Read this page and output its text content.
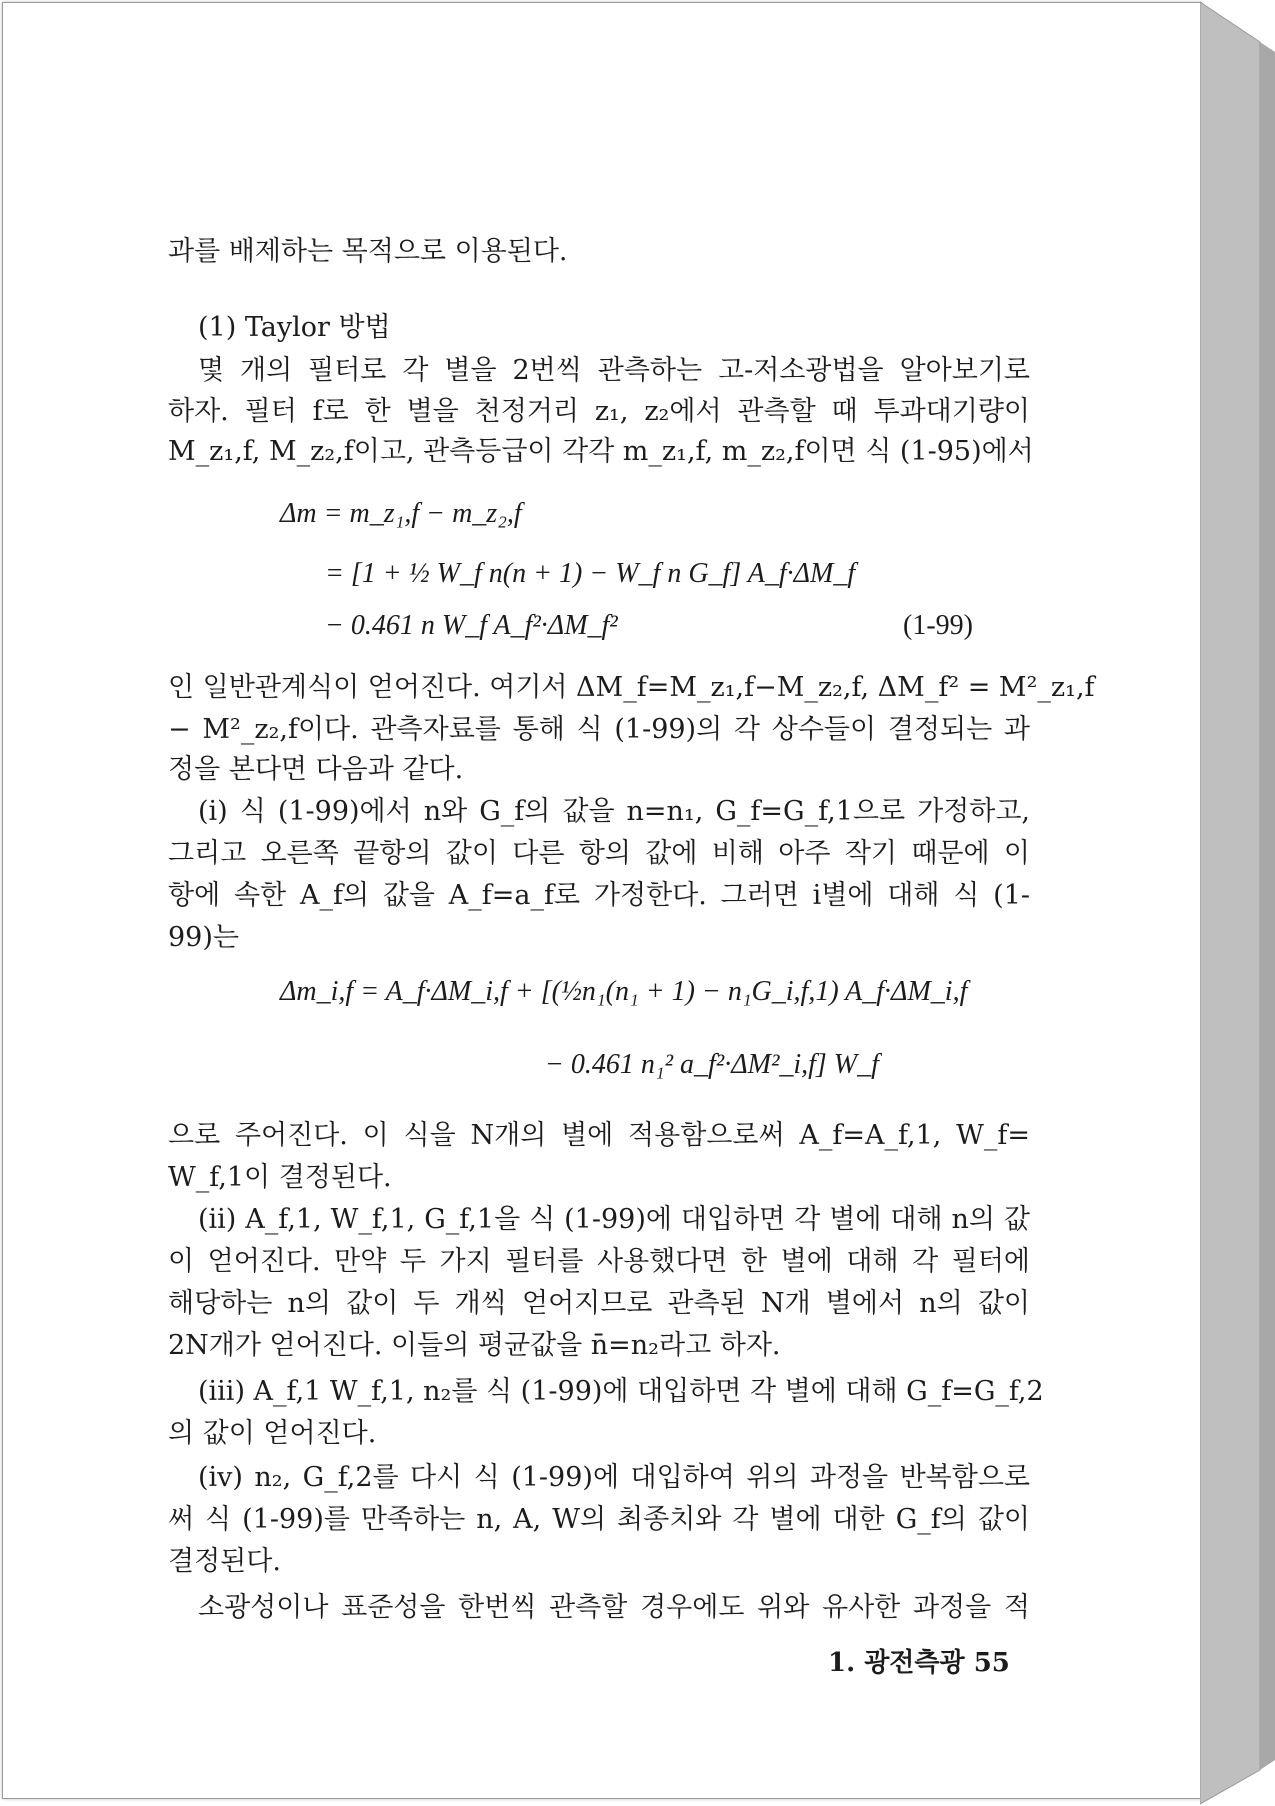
과를 배제하는 목적으로 이용된다.
(1) Taylor 방법
몇 개의 필터로 각 별을 2번씩 관측하는 고-저소광법을 알아보기로
하자. 필터 f로 한 별을 천정거리 z₁, z₂에서 관측할 때 투과대기량이
M_z₁,f, M_z₂,f이고, 관측등급이 각각 m_z₁,f, m_z₂,f이면 식 (1-95)에서
Δm = m_z₁,f − m_z₂,f
= [1 + ½ W_f n(n + 1) − W_f n G_f] A_f·ΔM_f
− 0.461 n W_f A_f²·ΔM_f²	(1-99)
인 일반관계식이 얻어진다. 여기서 ΔM_f=M_z₁,f−M_z₂,f, ΔM_f² = M²_z₁,f
− M²_z₂,f이다. 관측자료를 통해 식 (1-99)의 각 상수들이 결정되는 과
정을 본다면 다음과 같다.
(i) 식 (1-99)에서 n와 G_f의 값을 n=n₁, G_f=G_f,1으로 가정하고,
그리고 오른쪽 끝항의 값이 다른 항의 값에 비해 아주 작기 때문에 이
항에 속한 A_f의 값을 A_f=a_f로 가정한다. 그러면 i별에 대해 식 (1-
99)는
Δm_i,f = A_f·ΔM_i,f + [(½n₁(n₁ + 1) − n₁G_i,f,1) A_f·ΔM_i,f
− 0.461 n₁² a_f²·ΔM²_i,f] W_f
으로 주어진다. 이 식을 N개의 별에 적용함으로써 A_f=A_f,1, W_f=
W_f,1이 결정된다.
(ii) A_f,1, W_f,1, G_f,1을 식 (1-99)에 대입하면 각 별에 대해 n의 값
이 얻어진다. 만약 두 가지 필터를 사용했다면 한 별에 대해 각 필터에
해당하는 n의 값이 두 개씩 얻어지므로 관측된 N개 별에서 n의 값이
2N개가 얻어진다. 이들의 평균값을 n̄=n₂라고 하자.
(iii) A_f,1 W_f,1, n₂를 식 (1-99)에 대입하면 각 별에 대해 G_f=G_f,2
의 값이 얻어진다.
(iv) n₂, G_f,2를 다시 식 (1-99)에 대입하여 위의 과정을 반복함으로
써 식 (1-99)를 만족하는 n, A, W의 최종치와 각 별에 대한 G_f의 값이
결정된다.
소광성이나 표준성을 한번씩 관측할 경우에도 위와 유사한 과정을 적
1. 광전측광 55
